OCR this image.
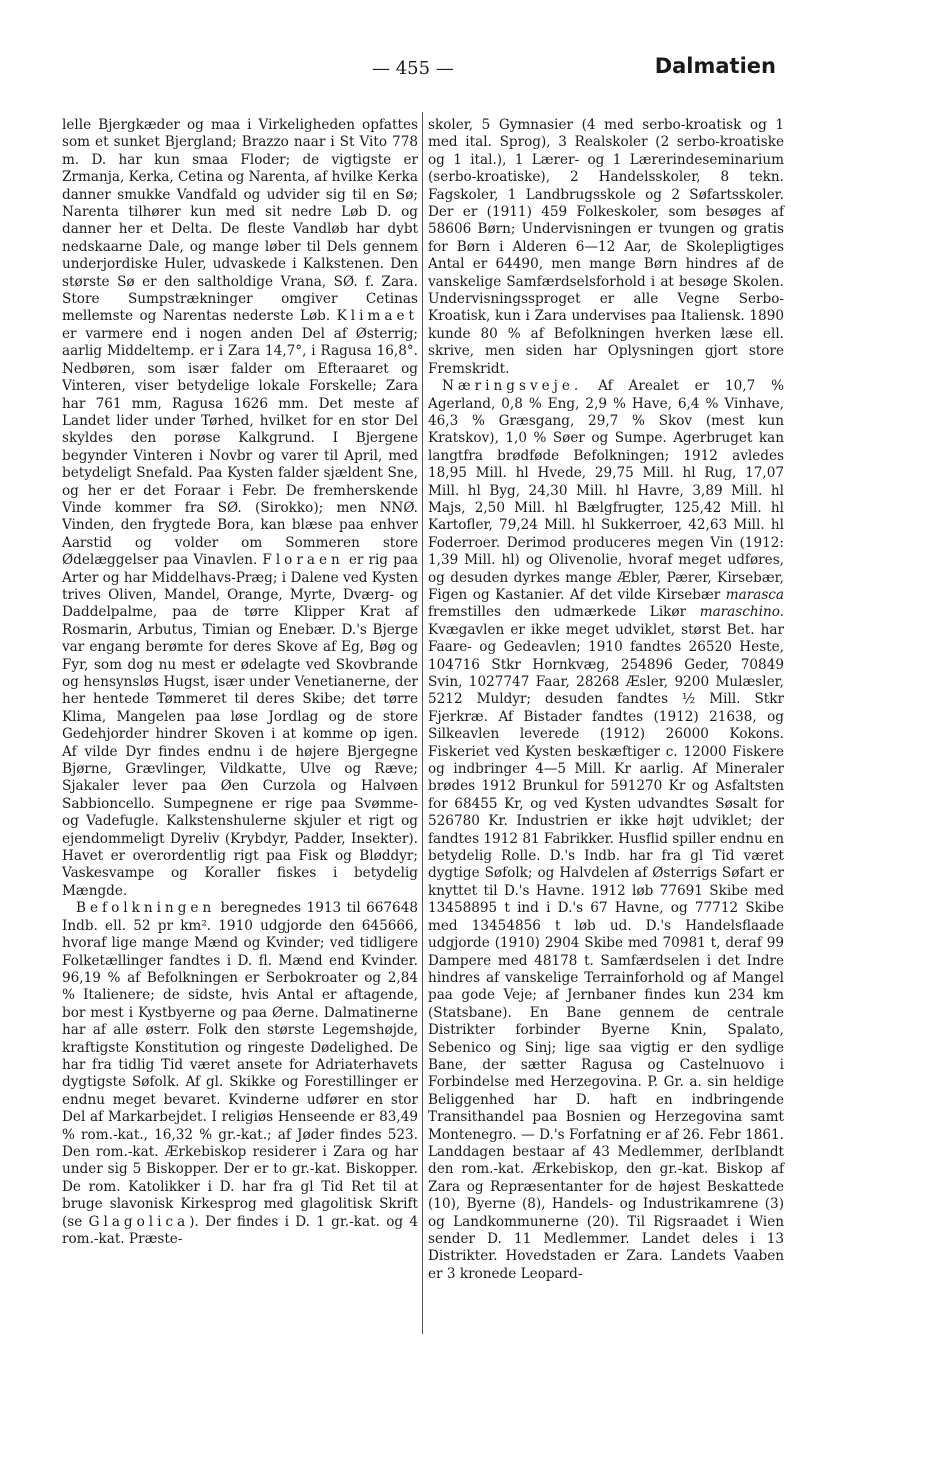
— 455 —	Dalmatien

lelle Bjergkæder og maa i Virkeligheden opfattes som et sunket Bjergland; Brazzo naar i St Vito 778 m. D. har kun smaa Floder; de vigtigste er Zrmanja, Kerka, Cetina og Narenta, af hvilke Kerka danner smukke Vandfald og udvider sig til en Sø; Narenta tilhører kun med sit nedre Løb D. og danner her et Delta. De fleste Vandløb har dybt nedskaarne Dale, og mange løber til Dels gennem underjordiske Huler, udvaskede i Kalkstenen. Den største Sø er den saltholdige Vrana, SØ. f. Zara. Store Sumpstrækninger omgiver Cetinas mellemste og Narentas nederste Løb. Klimaet er varmere end i nogen anden Del af Østerrig; aarlig Middeltemp. er i Zara 14,7°, i Ragusa 16,8°. Nedbøren, som især falder om Efteraaret og Vinteren, viser betydelige lokale Forskelle; Zara har 761 mm, Ragusa 1626 mm. Det meste af Landet lider under Tørhed, hvilket for en stor Del skyldes den porøse Kalkgrund. I Bjergene begynder Vinteren i Novbr og varer til April, med betydeligt Snefald. Paa Kysten falder sjældent Sne, og her er det Foraar i Febr. De fremherskende Vinde kommer fra SØ. (Sirokko); men NNØ. Vinden, den frygtede Bora, kan blæse paa enhver Aarstid og volder om Sommeren store Ødelæggelser paa Vinavlen. Floraen er rig paa Arter og har Middelhavs-Præg; i Dalene ved Kysten trives Oliven, Mandel, Orange, Myrte, Dværg- og Daddelpalme, paa de tørre Klipper Krat af Rosmarin, Arbutus, Timian og Enebær. D.'s Bjerge var engang berømte for deres Skove af Eg, Bøg og Fyr, som dog nu mest er ødelagte ved Skovbrande og hensynsløs Hugst, især under Venetianerne, der her hentede Tømmeret til deres Skibe; det tørre Klima, Mangelen paa løse Jordlag og de store Gedehjorder hindrer Skoven i at komme op igen. Af vilde Dyr findes endnu i de højere Bjergegne Bjørne, Grævlinger, Vildkatte, Ulve og Ræve; Sjakaler lever paa Øen Curzola og Halvøen Sabbioncello. Sumpegnene er rige paa Svømme- og Vadefugle. Kalkstenshulerne skjuler et rigt og ejendommeligt Dyreliv (Krybdyr, Padder, Insekter). Havet er overordentlig rigt paa Fisk og Bløddyr; Vaskesvampe og Koraller fiskes i betydelig Mængde.

Befolkningen beregnedes 1913 til 667648 Indb. ell. 52 pr km². 1910 udgjorde den 645666, hvoraf lige mange Mænd og Kvinder; ved tidligere Folketællinger fandtes i D. fl. Mænd end Kvinder. 96,19 % af Befolkningen er Serbokroater og 2,84 % Italienere; de sidste, hvis Antal er aftagende, bor mest i Kystbyerne og paa Øerne. Dalmatinerne har af alle østerr. Folk den største Legemshøjde, kraftigste Konstitution og ringeste Dødelighed. De har fra tidlig Tid været ansete for Adriaterhavets dygtigste Søfolk. Af gl. Skikke og Forestillinger er endnu meget bevaret. Kvinderne udfører en stor Del af Markarbejdet. I religiøs Henseende er 83,49 % rom.-kat., 16,32 % gr.-kat.; af Jøder findes 523. Den rom.-kat. Ærkebiskop residerer i Zara og har under sig 5 Biskopper. Der er to gr.-kat. Biskopper. De rom. Katolikker i D. har fra gl Tid Ret til at bruge slavonisk Kirkesprog med glagolitisk Skrift (se Glagolica). Der findes i D. 1 gr.-kat. og 4 rom.-kat. Præste-

skoler, 5 Gymnasier (4 med serbo-kroatisk og 1 med ital. Sprog), 3 Realskoler (2 serbo-kroatiske og 1 ital.), 1 Lærer- og 1 Lærerindeseminarium (serbo-kroatiske), 2 Handelsskoler, 8 tekn. Fagskoler, 1 Landbrugsskole og 2 Søfartsskoler. Der er (1911) 459 Folkeskoler, som besøges af 58606 Børn; Undervisningen er tvungen og gratis for Børn i Alderen 6—12 Aar, de Skolepligtiges Antal er 64490, men mange Børn hindres af de vanskelige Samfærdselsforhold i at besøge Skolen. Undervisningssproget er alle Vegne Serbo-Kroatisk, kun i Zara undervises paa Italiensk. 1890 kunde 80 % af Befolkningen hverken læse ell. skrive, men siden har Oplysningen gjort store Fremskridt.

Næringsveje. Af Arealet er 10,7 % Agerland, 0,8 % Eng, 2,9 % Have, 6,4 % Vinhave, 46,3 % Græsgang, 29,7 % Skov (mest kun Kratskov), 1,0 % Søer og Sumpe. Agerbruget kan langtfra brødføde Befolkningen; 1912 avledes 18,95 Mill. hl Hvede, 29,75 Mill. hl Rug, 17,07 Mill. hl Byg, 24,30 Mill. hl Havre, 3,89 Mill. hl Majs, 2,50 Mill. hl Bælgfrugter, 125,42 Mill. hl Kartofler, 79,24 Mill. hl Sukkerroer, 42,63 Mill. hl Foderroer. Derimod produceres megen Vin (1912: 1,39 Mill. hl) og Olivenolie, hvoraf meget udføres, og desuden dyrkes mange Æbler, Pærer, Kirsebær, Figen og Kastanier. Af det vilde Kirsebær marasca fremstilles den udmærkede Likør maraschino. Kvægavlen er ikke meget udviklet, størst Bet. har Faare- og Gedeavlen; 1910 fandtes 26520 Heste, 104716 Stkr Hornkvæg, 254896 Geder, 70849 Svin, 1027747 Faar, 28268 Æsler, 9200 Mulæsler, 5212 Muldyr; desuden fandtes ½ Mill. Stkr Fjerkræ. Af Bistader fandtes (1912) 21638, og Silkeavlen leverede (1912) 26000 Kokons. Fiskeriet ved Kysten beskæftiger c. 12000 Fiskere og indbringer 4—5 Mill. Kr aarlig. Af Mineraler brødes 1912 Brunkul for 591270 Kr og Asfaltsten for 68455 Kr, og ved Kysten udvandtes Søsalt for 526780 Kr. Industrien er ikke højt udviklet; der fandtes 1912 81 Fabrikker. Husflid spiller endnu en betydelig Rolle. D.'s Indb. har fra gl Tid været dygtige Søfolk; og Halvdelen af Østerrigs Søfart er knyttet til D.'s Havne. 1912 løb 77691 Skibe med 13458895 t ind i D.'s 67 Havne, og 77712 Skibe med 13454856 t løb ud. D.'s Handelsflaade udgjorde (1910) 2904 Skibe med 70981 t, deraf 99 Dampere med 48178 t. Samfærdselen i det Indre hindres af vanskelige Terrainforhold og af Mangel paa gode Veje; af Jernbaner findes kun 234 km (Statsbane). En Bane gennem de centrale Distrikter forbinder Byerne Knin, Spalato, Sebenico og Sinj; lige saa vigtig er den sydlige Bane, der sætter Ragusa og Castelnuovo i Forbindelse med Herzegovina. P. Gr. a. sin heldige Beliggenhed har D. haft en indbringende Transithandel paa Bosnien og Herzegovina samt Montenegro. — D.'s Forfatning er af 26. Febr 1861. Landdagen bestaar af 43 Medlemmer, derIblandt den rom.-kat. Ærkebiskop, den gr.-kat. Biskop af Zara og Repræsentanter for de højest Beskattede (10), Byerne (8), Handels- og Industrikamrene (3) og Landkommunerne (20). Til Rigsraadet i Wien sender D. 11 Medlemmer. Landet deles i 13 Distrikter. Hovedstaden er Zara. Landets Vaaben er 3 kronede Leopard-
